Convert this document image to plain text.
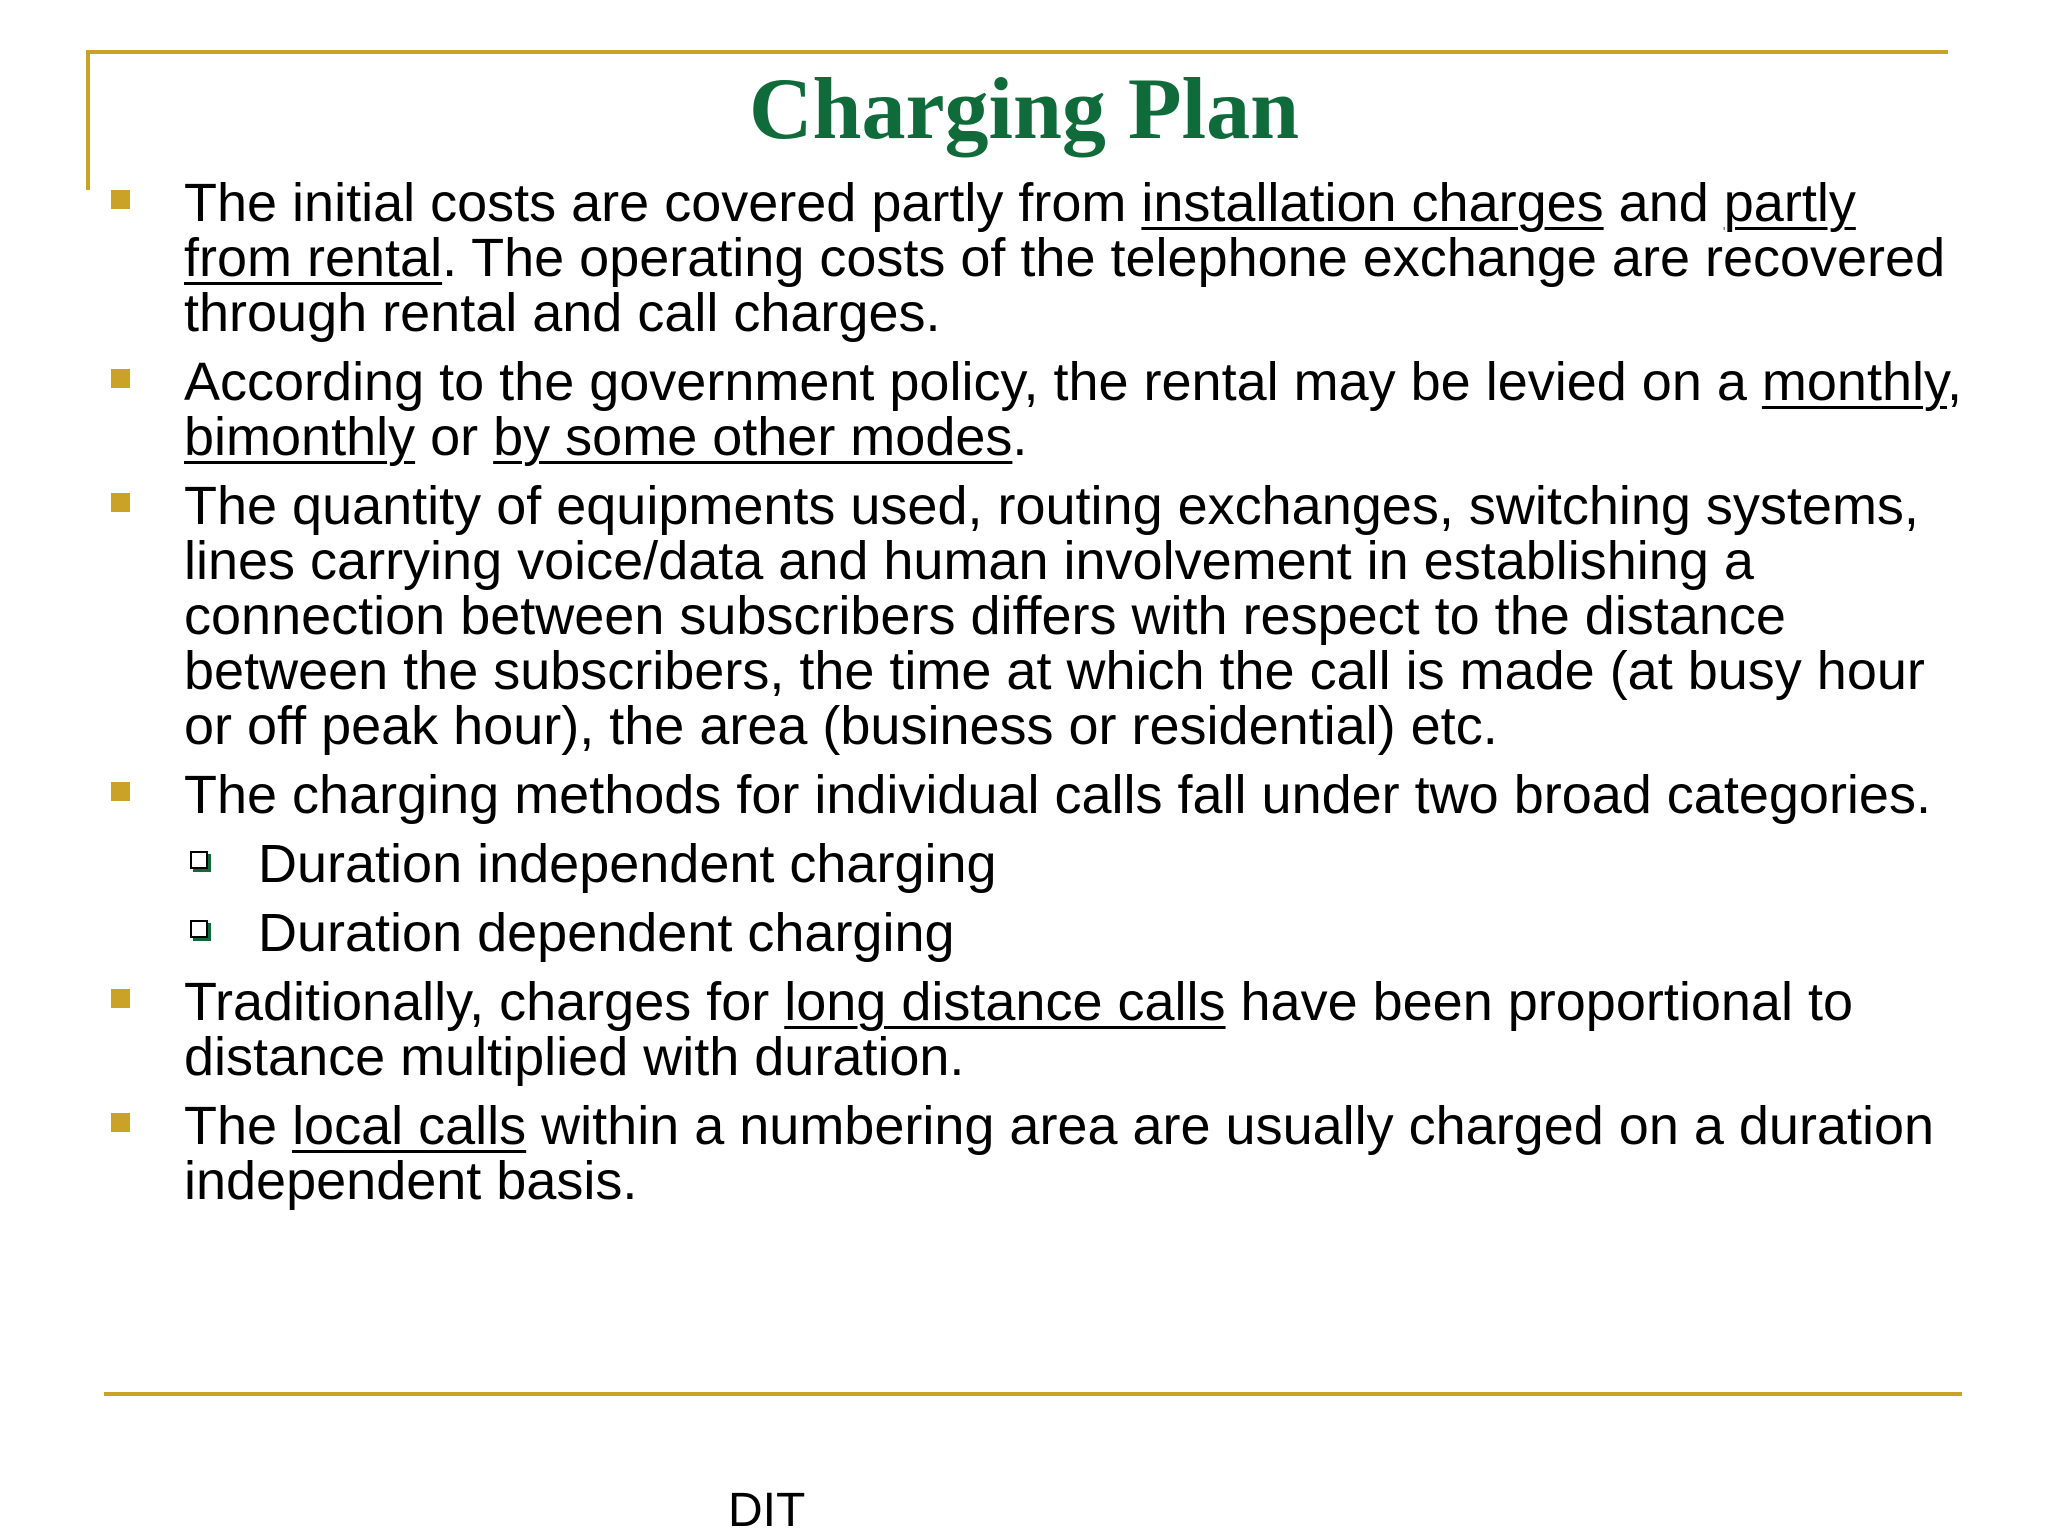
Charging Plan
The initial costs are covered partly from installation charges and partly from rental. The operating costs of the telephone exchange are recovered through rental and call charges.
According to the government policy, the rental may be levied on a monthly, bimonthly or by some other modes.
The quantity of equipments used, routing exchanges, switching systems, lines carrying voice/data and human involvement in establishing a connection between subscribers differs with respect to the distance between the subscribers, the time at which the call is made (at busy hour or off peak hour), the area (business or residential) etc.
The charging methods for individual calls fall under two broad categories.
Duration independent charging
Duration dependent charging
Traditionally, charges for long distance calls have been proportional to distance multiplied with duration.
The local calls within a numbering area are usually charged on a duration independent basis.
DIT
